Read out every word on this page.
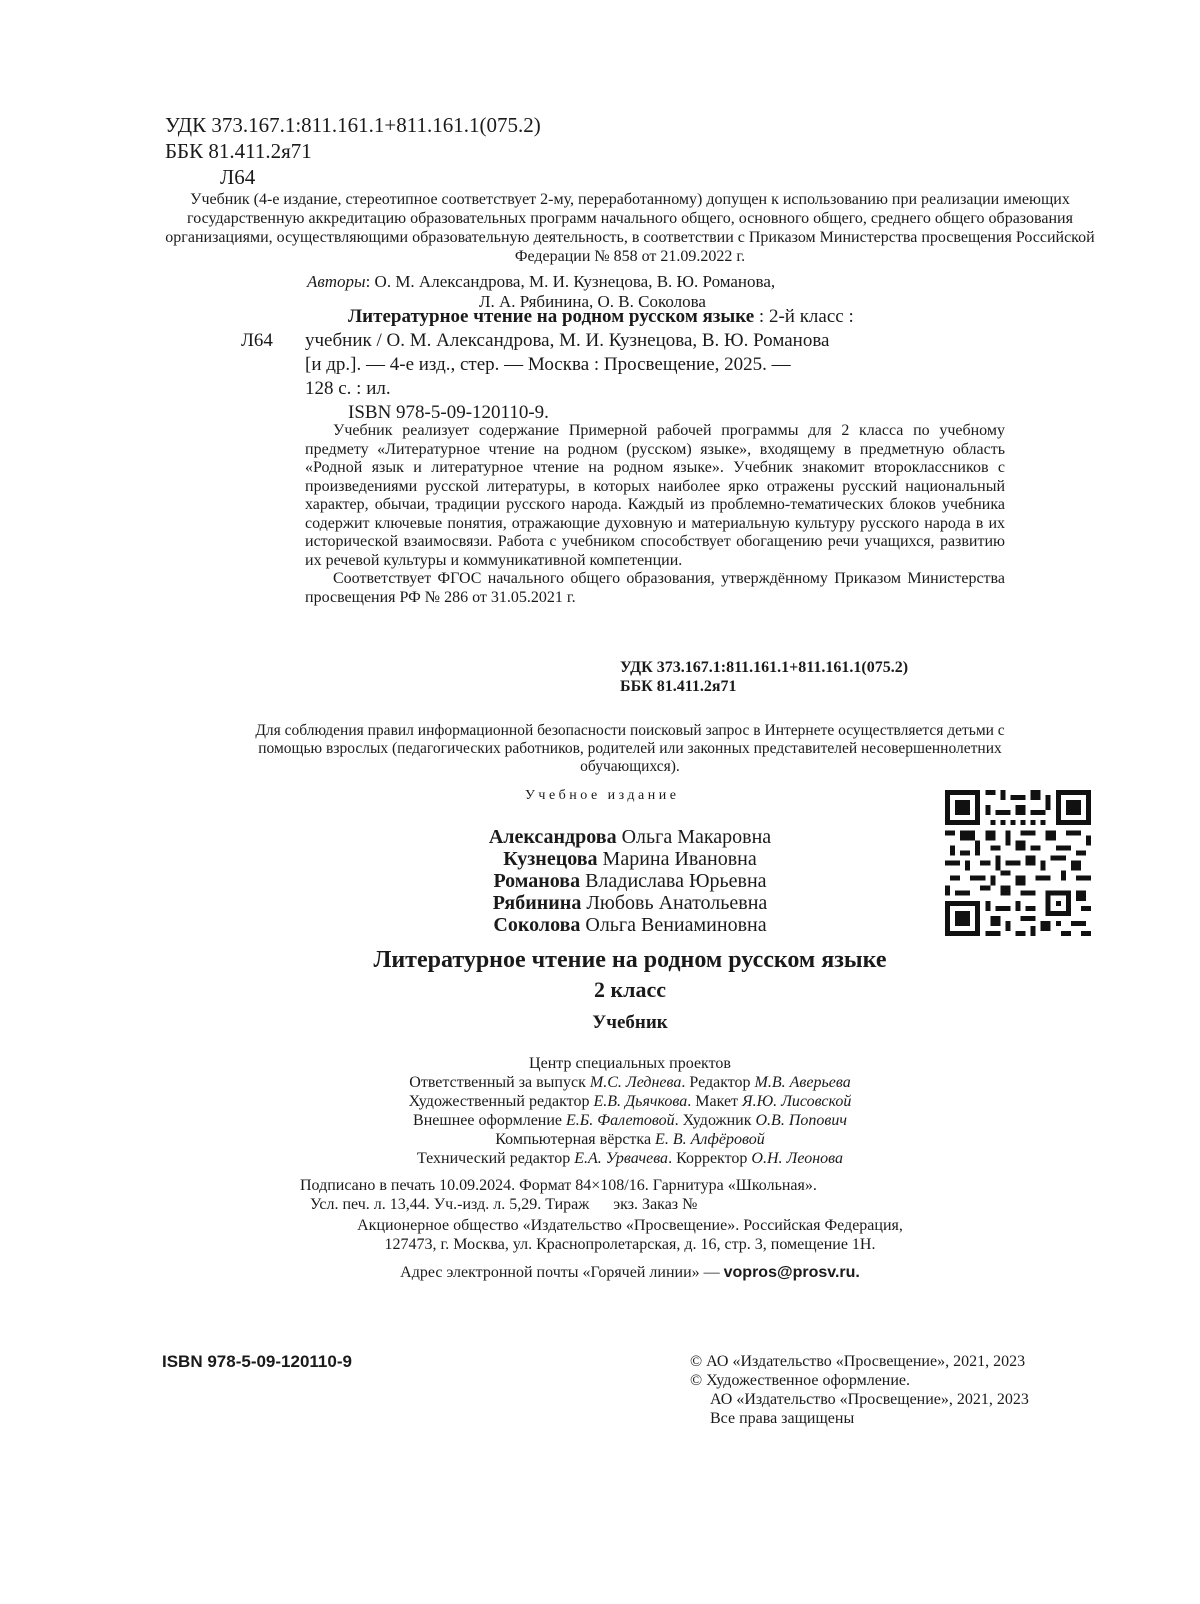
УДК 373.167.1:811.161.1+811.161.1(075.2)
ББК 81.411.2я71
Л64
Учебник (4-е издание, стереотипное соответствует 2-му, переработанному) допущен к использованию при реализации имеющих государственную аккредитацию образовательных программ начального общего, основного общего, среднего общего образования организациями, осуществляющими образовательную деятельность, в соответствии с Приказом Министерства просвещения Российской Федерации № 858 от 21.09.2022 г.
Авторы: О. М. Александрова, М. И. Кузнецова, В. Ю. Романова,
Л. А. Рябинина, О. В. Соколова
Л64
Литературное чтение на родном русском языке : 2-й класс :
учебник / О. М. Александрова, М. И. Кузнецова, В. Ю. Романова
[и др.]. — 4-е изд., стер. — Москва : Просвещение, 2025. —
128 с. : ил.
ISBN 978-5-09-120110-9.

Учебник реализует содержание Примерной рабочей программы для 2 класса по учебному предмету «Литературное чтение на родном (русском) языке», входящему в предметную область «Родной язык и литературное чтение на родном языке». Учебник знакомит второклассников с произведениями русской литературы, в которых наиболее ярко отражены русский национальный характер, обычаи, традиции русского народа. Каждый из проблемно-тематических блоков учебника содержит ключевые понятия, отражающие духовную и материальную культуру русского народа в их исторической взаимосвязи. Работа с учебником способствует обогащению речи учащихся, развитию их речевой культуры и коммуникативной компетенции.

Соответствует ФГОС начального общего образования, утверждённому Приказом Министерства просвещения РФ № 286 от 31.05.2021 г.

УДК 373.167.1:811.161.1+811.161.1(075.2)
ББК 81.411.2я71
Для соблюдения правил информационной безопасности поисковый запрос в Интернете осуществляется детьми с помощью взрослых (педагогических работников, родителей или законных представителей несовершеннолетних обучающихся).
Учебное издание
Александрова Ольга Макаровна
Кузнецова Марина Ивановна
Романова Владислава Юрьевна
Рябинина Любовь Анатольевна
Соколова Ольга Вениаминовна
Литературное чтение на родном русском языке
2 класс
Учебник
Центр специальных проектов
Ответственный за выпуск М.С. Леднева. Редактор М.В. Аверьева
Художественный редактор Е.В. Дьячкова. Макет Я.Ю. Лисовской
Внешнее оформление Е.Б. Фалетовой. Художник О.В. Попович
Компьютерная вёрстка Е. В. Алфёровой
Технический редактор Е.А. Урвачева. Корректор О.Н. Леонова
Подписано в печать 10.09.2024. Формат 84×108/16. Гарнитура «Школьная».
Усл. печ. л. 13,44. Уч.-изд. л. 5,29. Тираж      экз. Заказ №
Акционерное общество «Издательство «Просвещение». Российская Федерация,
127473, г. Москва, ул. Краснопролетарская, д. 16, стр. 3, помещение 1Н.
Адрес электронной почты «Горячей линии» — vopros@prosv.ru.
ISBN 978-5-09-120110-9	© АО «Издательство «Просвещение», 2021, 2023
© Художественное оформление.
АО «Издательство «Просвещение», 2021, 2023
Все права защищены
